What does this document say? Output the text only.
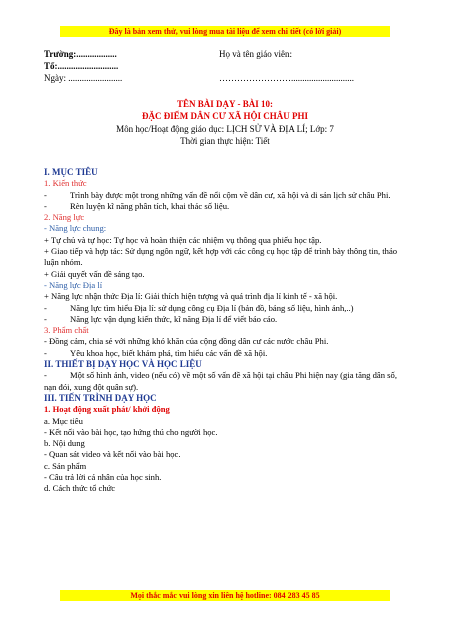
Đây là bản xem thử, vui lòng mua tài liệu để xem chi tiết (có lời giải)
Trường:..................
Tổ:...........................
Ngày: ........................
Họ và tên giáo viên:
……………………............................
TÊN BÀI DẠY - BÀI 10:
ĐẶC ĐIỂM DÂN CƯ XÃ HỘI CHÂU PHI
Môn học/Hoạt động giáo dục: LỊCH SỬ VÀ ĐỊA LÍ; Lớp: 7
Thời gian thực hiện: Tiết

I. MỤC TIÊU

1. Kiến thức

-	Trình bày được một trong những vấn đề nổi cộm về dân cư, xã hội và di sản lịch sử châu Phi.

-	Rèn luyện kĩ năng phân tích, khai thác số liệu.

2. Năng lực

- Năng lực chung:

+ Tự chủ và tự học: Tự học và hoàn thiện các nhiệm vụ thông qua phiếu học tập.

+ Giao tiếp và hợp tác: Sử dụng ngôn ngữ, kết hợp với các công cụ học tập để trình bày thông tin, thảo luận nhóm.

+ Giải quyết vấn đề sáng tạo.

- Năng lực Địa lí

+ Năng lực nhận thức Địa lí: Giải thích hiện tượng và quá trình địa lí kinh tế - xã hội.

-	Năng lực tìm hiểu Địa lí: sử dụng công cụ Địa lí (bản đồ, bảng số liệu, hình ảnh,..)

-	Năng lực vận dụng kiến thức, kĩ năng Địa lí để viết báo cáo.

3. Phẩm chất

- Đồng cảm, chia sẻ với những khó khăn của cộng đồng dân cư các nước châu Phi.

-	Yêu khoa học, biết khám phá, tìm hiểu các vấn đề xã hội.

II. THIẾT BỊ DẠY HỌC VÀ HỌC LIỆU

-	Một số hình ảnh, video (nếu có) về một số vấn đề xã hội tại châu Phi hiện nay (gia tăng dân số, nạn đói, xung đột quân sự).

III. TIẾN TRÌNH DẠY HỌC

1. Hoạt động xuất phát/ khởi động

a. Mục tiêu

- Kết nối vào bài học, tạo hứng thú cho người học.

b. Nội dung

- Quan sát video và kết nối vào bài học.

c. Sản phẩm

- Câu trả lời cá nhân của học sinh.

d. Cách thức tổ chức

Mọi thắc mắc vui lòng xin liên hệ hotline: 084 283 45 85
